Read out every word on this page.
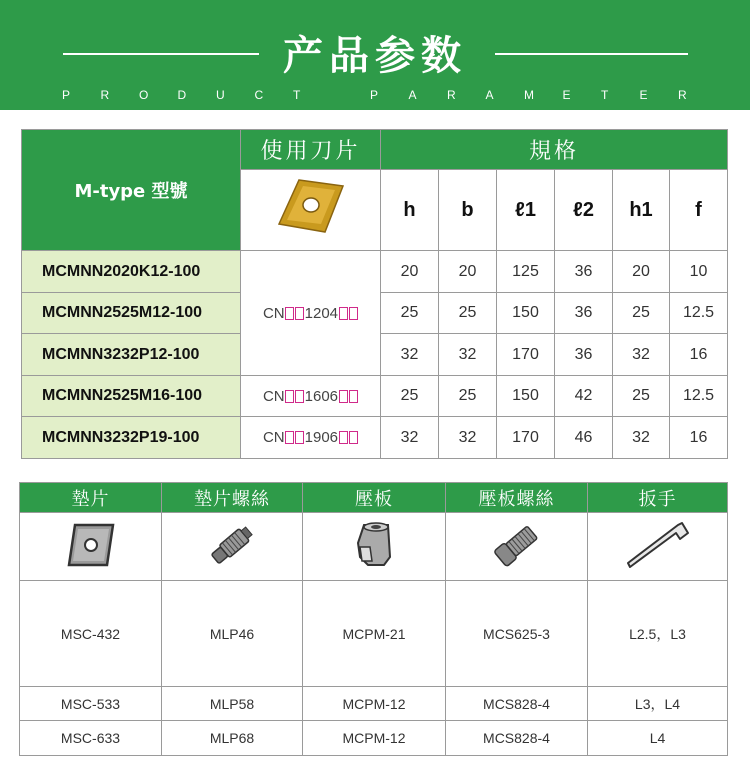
产品参数
P	R O D U C T	P	A	R A	M E	T	E	R
M-type 型號	使用刀片	規格					
	h	b	ℓ1	ℓ2	h1	f
MCMNN2020K12-100	CN 1204	20	20	125	36	20	10
MCMNN2525M12-100		25	25	150	36	25	12.5
MCMNN3232P12-100		32	32	170	36	32	16
MCMNN2525M16-100	CN 1606	25	25	150	42	25	12.5
MCMNN3232P19-100	CN 1906	32	32	170	46	32	16
墊片	墊片螺絲	壓板	壓板螺絲	扳手

MSC-432	MLP46	MCPM-21	MCS625-3	L2.5，L3
MSC-533	MLP58	MCPM-12	MCS828-4	L3，L4
MSC-633	MLP68	MCPM-12	MCS828-4	L4
